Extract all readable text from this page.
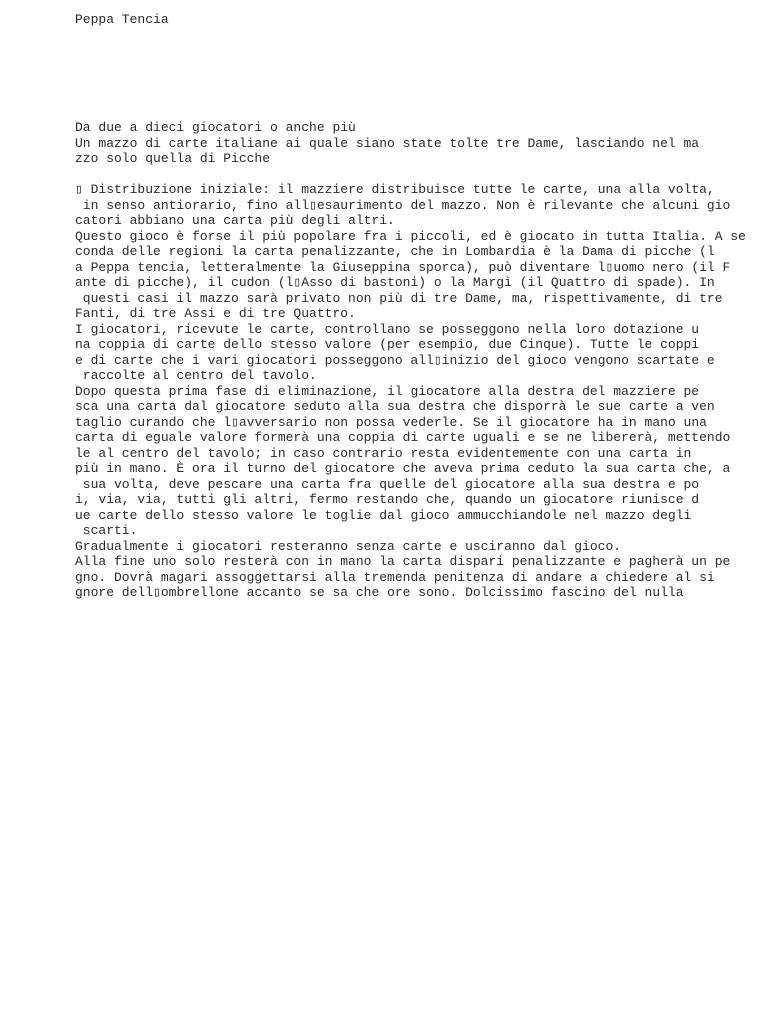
Peppa Tencia

Da due a dieci giocatori o anche più

Un mazzo di carte italiane ai quale siano state tolte tre Dame, lasciando nel ma

zzo solo quella di Picche

▯ Distribuzione iniziale: il mazziere distribuisce tutte le carte, una alla volta,

in senso antiorario, fino all▯esaurimento del mazzo. Non è rilevante che alcuni gio

catori abbiano una carta più degli altri.

Questo gioco è forse il più popolare fra i piccoli, ed è giocato in tutta Italia. A se

conda delle regioni la carta penalizzante, che in Lombardia è la Dama di picche (l

a Peppa tencia, letteralmente la Giuseppina sporca), può diventare l▯uomo nero (il F

ante di picche), il cudon (l▯Asso di bastoni) o la Margì (il Quattro di spade). In

questi casi il mazzo sarà privato non più di tre Dame, ma, rispettivamente, di tre

Fanti, di tre Assi e di tre Quattro.

I giocatori, ricevute le carte, controllano se posseggono nella loro dotazione u

na coppia di carte dello stesso valore (per esempio, due Cinque). Tutte le coppi

e di carte che i vari giocatori posseggono all▯inizio del gioco vengono scartate e

raccolte al centro del tavolo.

Dopo questa prima fase di eliminazione, il giocatore alla destra del mazziere pe

sca una carta dal giocatore seduto alla sua destra che disporrà le sue carte a ven

taglio curando che l▯avversario non possa vederle. Se il giocatore ha in mano una

carta di eguale valore formerà una coppia di carte uguali e se ne libererà, mettendo

le al centro del tavolo; in caso contrario resta evidentemente con una carta in

più in mano. È ora il turno del giocatore che aveva prima ceduto la sua carta che, a

sua volta, deve pescare una carta fra quelle del giocatore alla sua destra e po

i, via, via, tutti gli altri, fermo restando che, quando un giocatore riunisce d

ue carte dello stesso valore le toglie dal gioco ammucchiandole nel mazzo degli

scarti.

Gradualmente i giocatori resteranno senza carte e usciranno dal gioco.

Alla fine uno solo resterà con in mano la carta dispari penalizzante e pagherà un pe

gno. Dovrà magari assoggettarsi alla tremenda penitenza di andare a chiedere al si

gnore dell▯ombrellone accanto se sa che ore sono. Dolcissimo fascino del nulla
